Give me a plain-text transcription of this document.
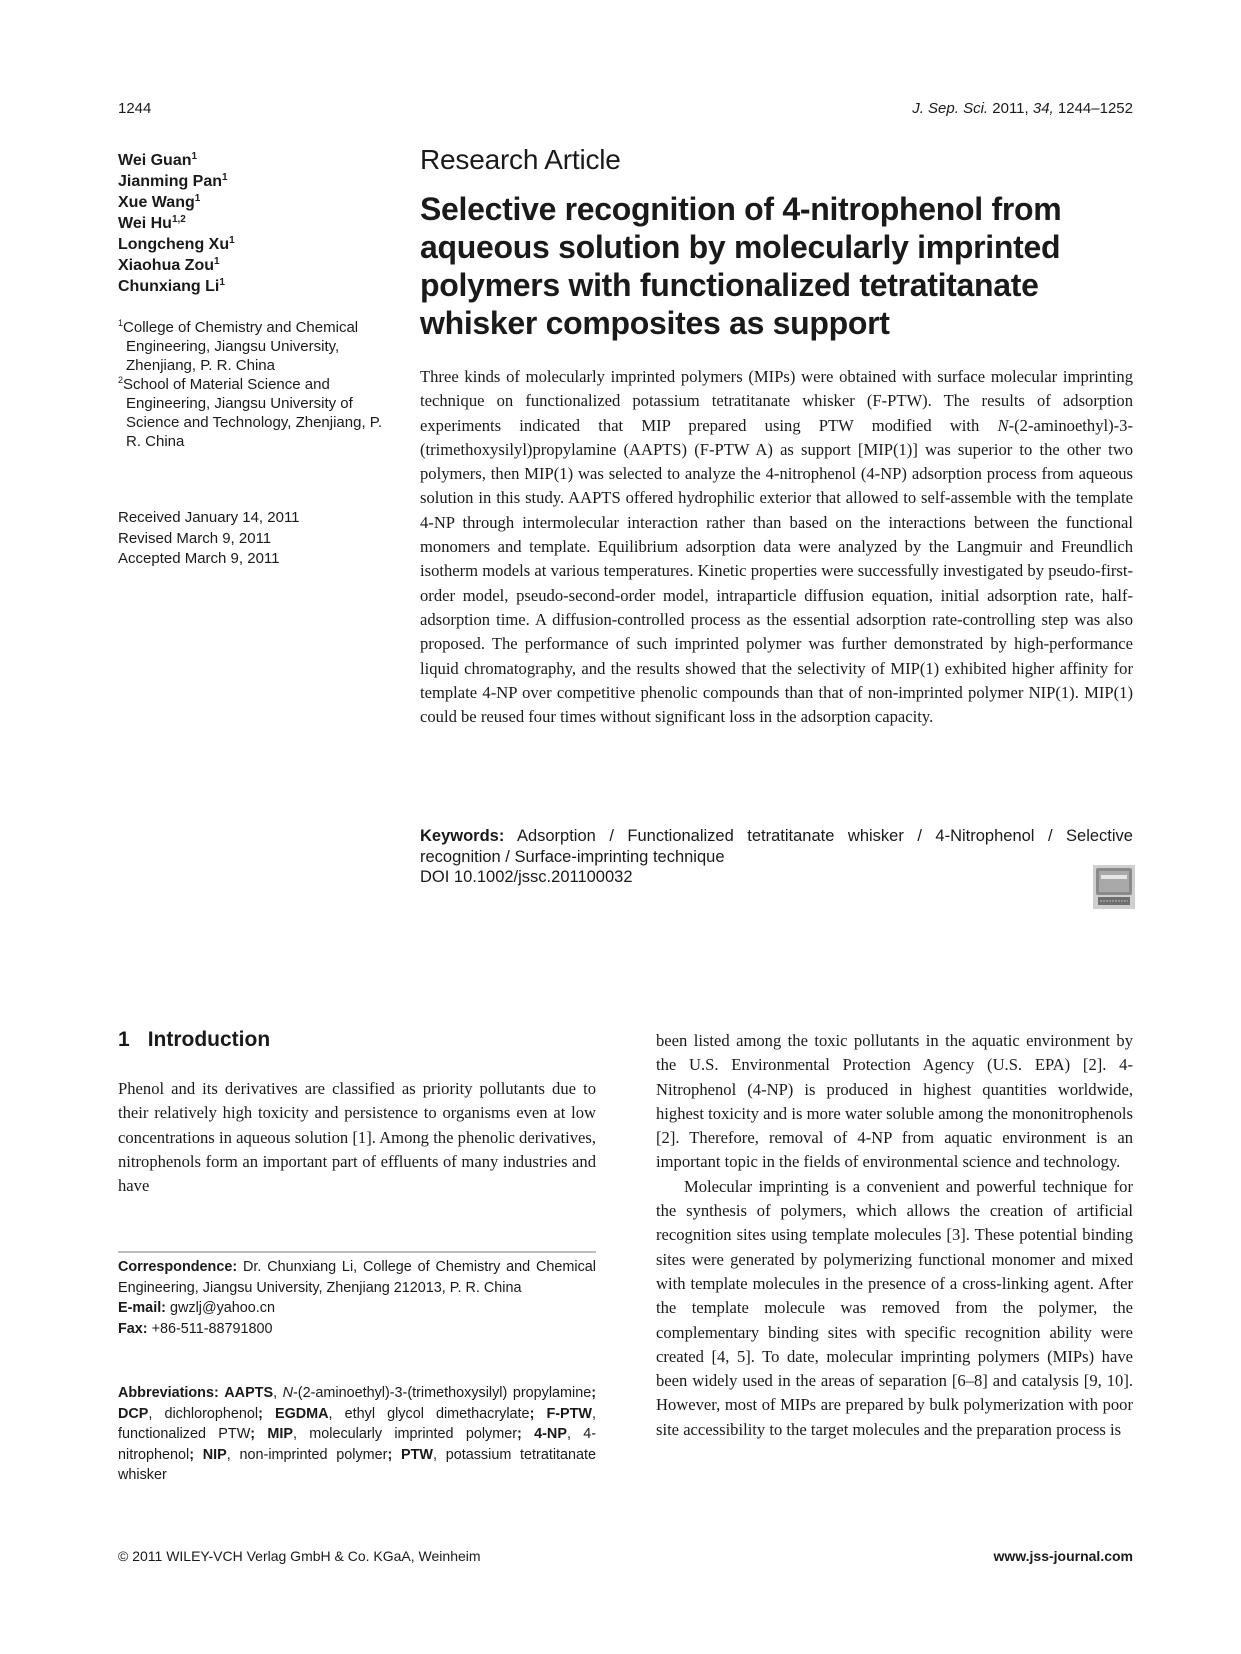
1244	J. Sep. Sci. 2011, 34, 1244–1252
Wei Guan$^1$
Jianming Pan$^1$
Xue Wang$^1$
Wei Hu$^{1,2}$
Longcheng Xu$^1$
Xiaohua Zou$^1$
Chunxiang Li$^1$
$^1$College of Chemistry and Chemical Engineering, Jiangsu University, Zhenjiang, P. R. China
$^2$School of Material Science and Engineering, Jiangsu University of Science and Technology, Zhenjiang, P. R. China
Received January 14, 2011
Revised March 9, 2011
Accepted March 9, 2011
Research Article
Selective recognition of 4-nitrophenol from aqueous solution by molecularly imprinted polymers with functionalized tetratitanate whisker composites as support

Three kinds of molecularly imprinted polymers (MIPs) were obtained with surface molecular imprinting technique on functionalized potassium tetratitanate whisker (F-PTW). The results of adsorption experiments indicated that MIP prepared using PTW modified with N-(2-aminoethyl)-3-(trimethoxysilyl)propylamine (AAPTS) (F-PTW A) as support [MIP(1)] was superior to the other two polymers, then MIP(1) was selected to analyze the 4-nitrophenol (4-NP) adsorption process from aqueous solution in this study. AAPTS offered hydrophilic exterior that allowed to self-assemble with the template 4-NP through intermolecular interaction rather than based on the interactions between the functional monomers and template. Equilibrium adsorption data were analyzed by the Langmuir and Freundlich isotherm models at various temperatures. Kinetic properties were successfully investigated by pseudo-first-order model, pseudo-second-order model, intraparticle diffusion equation, initial adsorption rate, half-adsorption time. A diffusion-controlled process as the essential adsorption rate-controlling step was also proposed. The performance of such imprinted polymer was further demonstrated by high-performance liquid chromatography, and the results showed that the selectivity of MIP(1) exhibited higher affinity for template 4-NP over competitive phenolic compounds than that of non-imprinted polymer NIP(1). MIP(1) could be reused four times without significant loss in the adsorption capacity.

Keywords: Adsorption / Functionalized tetratitanate whisker / 4-Nitrophenol / Selective recognition / Surface-imprinting technique
DOI 10.1002/jssc.201100032
1 Introduction

Phenol and its derivatives are classified as priority pollutants due to their relatively high toxicity and persistence to organisms even at low concentrations in aqueous solution [1]. Among the phenolic derivatives, nitrophenols form an important part of effluents of many industries and have

been listed among the toxic pollutants in the aquatic environment by the U.S. Environmental Protection Agency (U.S. EPA) [2]. 4-Nitrophenol (4-NP) is produced in highest quantities worldwide, highest toxicity and is more water soluble among the mononitrophenols [2]. Therefore, removal of 4-NP from aquatic environment is an important topic in the fields of environmental science and technology.

Molecular imprinting is a convenient and powerful technique for the synthesis of polymers, which allows the creation of artificial recognition sites using template molecules [3]. These potential binding sites were generated by polymerizing functional monomer and mixed with template molecules in the presence of a cross-linking agent. After the template molecule was removed from the polymer, the complementary binding sites with specific recognition ability were created [4, 5]. To date, molecular imprinting polymers (MIPs) have been widely used in the areas of separation [6–8] and catalysis [9, 10]. However, most of MIPs are prepared by bulk polymerization with poor site accessibility to the target molecules and the preparation process is

Correspondence: Dr. Chunxiang Li, College of Chemistry and Chemical Engineering, Jiangsu University, Zhenjiang 212013, P. R. China
E-mail: gwzlj@yahoo.cn
Fax: +86-511-88791800
Abbreviations: AAPTS, N-(2-aminoethyl)-3-(trimethoxysilyl) propylamine; DCP, dichlorophenol; EGDMA, ethyl glycol dimethacrylate; F-PTW, functionalized PTW; MIP, molecularly imprinted polymer; 4-NP, 4-nitrophenol; NIP, non-imprinted polymer; PTW, potassium tetratitanate whisker
© 2011 WILEY-VCH Verlag GmbH & Co. KGaA, Weinheim	www.jss-journal.com
